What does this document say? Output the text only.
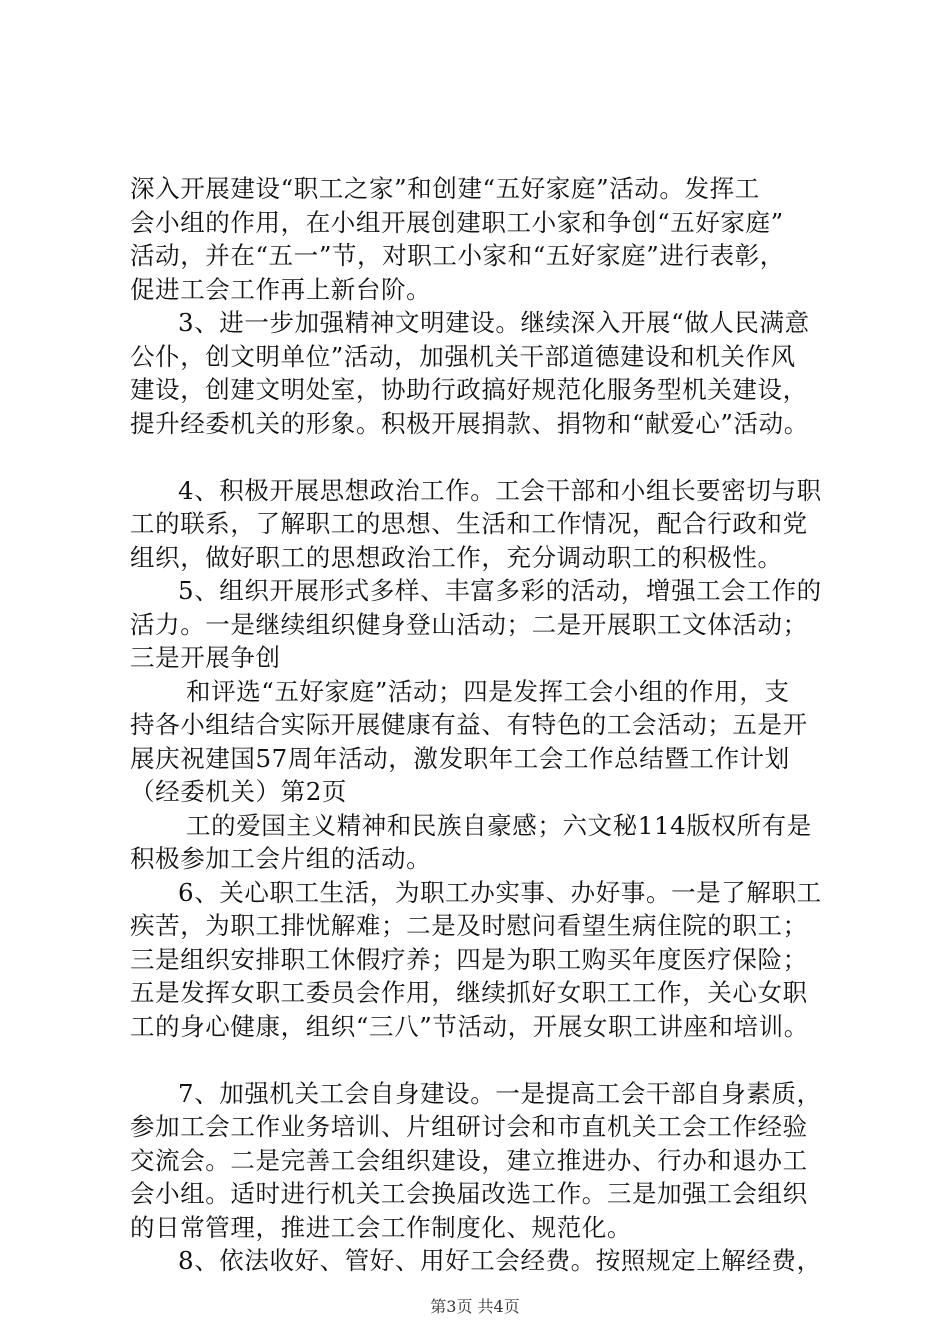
深入开展建设“职工之家”和创建“五好家庭”活动。发挥工
会小组的作用，在小组开展创建职工小家和争创“五好家庭”
活动，并在“五一”节，对职工小家和“五好家庭”进行表彰，
促进工会工作再上新台阶。
3、进一步加强精神文明建设。继续深入开展“做人民满意
公仆，创文明单位”活动，加强机关干部道德建设和机关作风
建设，创建文明处室，协助行政搞好规范化服务型机关建设，
提升经委机关的形象。积极开展捐款、捐物和“献爱心”活动。
4、积极开展思想政治工作。工会干部和小组长要密切与职
工的联系，了解职工的思想、生活和工作情况，配合行政和党
组织，做好职工的思想政治工作，充分调动职工的积极性。
5、组织开展形式多样、丰富多彩的活动，增强工会工作的
活力。一是继续组织健身登山活动；二是开展职工文体活动；
三是开展争创
和评选“五好家庭”活动；四是发挥工会小组的作用，支
持各小组结合实际开展健康有益、有特色的工会活动；五是开
展庆祝建国57周年活动，激发职年工会工作总结暨工作计划
（经委机关）第2页
工的爱国主义精神和民族自豪感；六文秘114版权所有是
积极参加工会片组的活动。
6、关心职工生活，为职工办实事、办好事。一是了解职工
疾苦，为职工排忧解难；二是及时慰问看望生病住院的职工；
三是组织安排职工休假疗养；四是为职工购买年度医疗保险；
五是发挥女职工委员会作用，继续抓好女职工工作，关心女职
工的身心健康，组织“三八”节活动，开展女职工讲座和培训。
7、加强机关工会自身建设。一是提高工会干部自身素质，
参加工会工作业务培训、片组研讨会和市直机关工会工作经验
交流会。二是完善工会组织建设，建立推进办、行办和退办工
会小组。适时进行机关工会换届改选工作。三是加强工会组织
的日常管理，推进工会工作制度化、规范化。
8、依法收好、管好、用好工会经费。按照规定上解经费，
第3页 共4页
